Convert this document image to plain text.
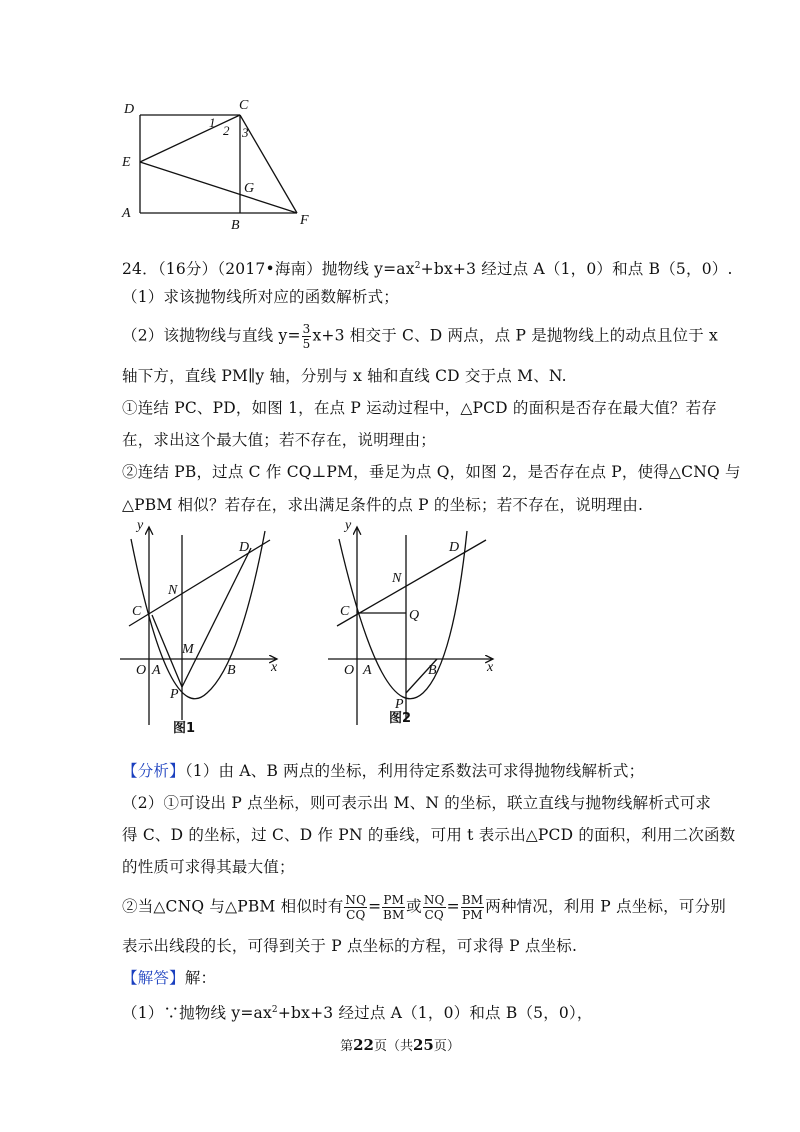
D	C
E
A
B	F
G
1
2 3
24．（16分）（2017•海南）抛物线 $y=ax^2+bx+3$ 经过点 A（1，0）和点 B（5，0）.
（1）求该抛物线所对应的函数解析式；
（2）该抛物线与直线 $y= \frac{3}{5} x+3$ 相交于 C、D 两点，点 P 是抛物线上的动点且位于 x
轴下方，直线 PM∥y 轴，分别与 x 轴和直线 CD 交于点 M、N.
①连结 PC、PD，如图 1，在点 P 运动过程中，△PCD 的面积是否存在最大值？若存
在，求出这个最大值；若不存在，说明理由；
②连结 PB，过点 C 作 CQ⊥PM，垂足为点 Q，如图 2，是否存在点 P，使得△CNQ 与
△PBM 相似？若存在，求出满足条件的点 P 的坐标；若不存在，说明理由.
y
x
D
N
C
M
O A	B
P
图1
y
x
D
N
C	Q
O A	B
P
图2
【分析】（1）由 A、B 两点的坐标，利用待定系数法可求得抛物线解析式；
（2）①可设出 P 点坐标，则可表示出 M、N 的坐标，联立直线与抛物线解析式可求
得 C、D 的坐标，过 C、D 作 PN 的垂线，可用 t 表示出△PCD 的面积，利用二次函数
的性质可求得其最大值；
②当△CNQ 与△PBM 相似时有 $\frac{NQ}{CQ} = \frac{PM}{BM}$ 或 $\frac{NQ}{CQ} = \frac{BM}{PM}$ 两种情况，利用 P 点坐标，可分别
表示出线段的长，可得到关于 P 点坐标的方程，可求得 P 点坐标.
【解答】解：
（1）∵抛物线 $y=ax^2+bx+3$ 经过点 A（1，0）和点 B（5，0），
第22页（共25页）
